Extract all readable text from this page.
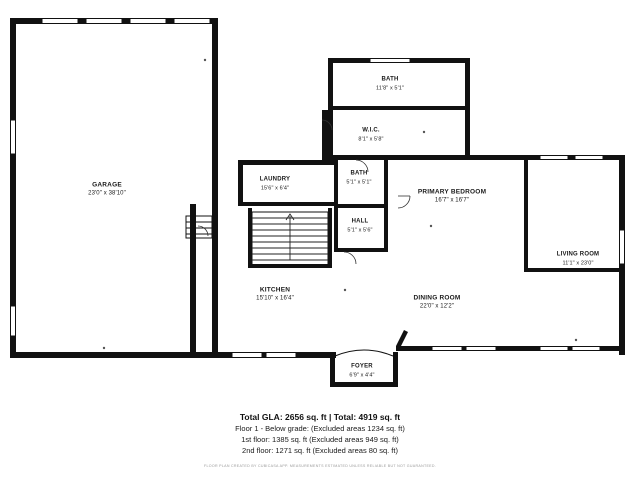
GARAGE
23'0" x 38'10"
BATH
11'8" x 5'1"
W.I.C.
8'1" x 5'8"
LAUNDRY
15'6" x 6'4"
BATH
5'1" x 5'1"
PRIMARY BEDROOM
16'7" x 16'7"
LIVING ROOM
11'1" x 23'0"
HALL
5'1" x 5'6"
KITCHEN
15'10" x 16'4"	DINING ROOM
22'0" x 12'2"
FOYER
6'9" x 4'4"
Total GLA: 2656 sq. ft | Total: 4919 sq. ft
Floor 1 - Below grade: (Excluded areas 1234 sq. ft)
1st floor: 1385 sq. ft (Excluded areas 949 sq. ft)
2nd floor: 1271 sq. ft (Excluded areas 80 sq. ft)
FLOOR PLAN CREATED BY CUBICASA APP. MEASUREMENTS ESTIMATED UNLESS RELIABLE BUT NOT GUARANTEED.
